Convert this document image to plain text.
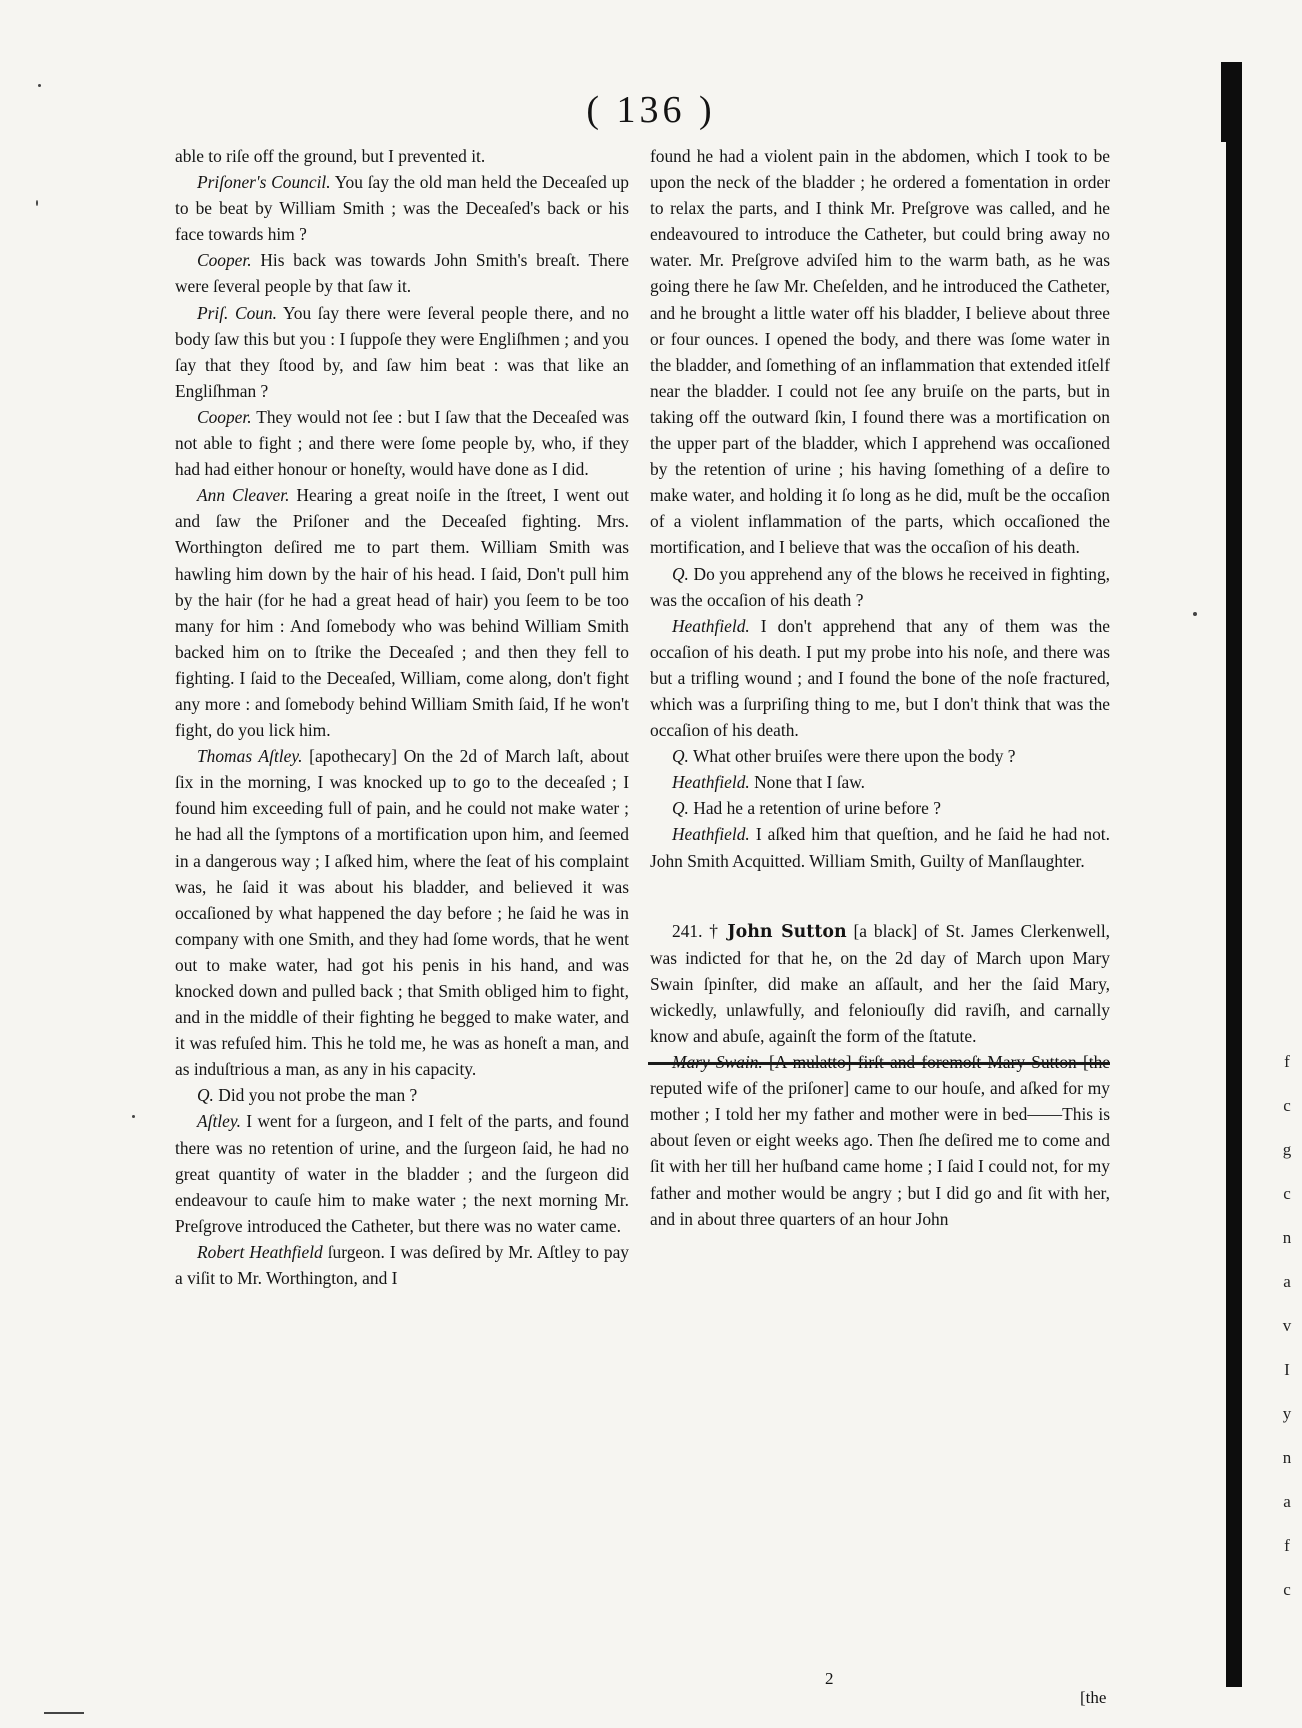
( 136 )

able to riſe off the ground, but I prevented it.

Priſoner's Council. You ſay the old man held the Deceaſed up to be beat by William Smith ; was the Deceaſed's back or his face towards him ?

Cooper. His back was towards John Smith's breaſt. There were ſeveral people by that ſaw it.

Priſ. Coun. You ſay there were ſeveral people there, and no body ſaw this but you : I ſuppoſe they were Engliſhmen ; and you ſay that they ſtood by, and ſaw him beat : was that like an Engliſhman ?

Cooper. They would not ſee : but I ſaw that the Deceaſed was not able to fight ; and there were ſome people by, who, if they had had either honour or honeſty, would have done as I did.

Ann Cleaver. Hearing a great noiſe in the ſtreet, I went out and ſaw the Priſoner and the Deceaſed fighting. Mrs. Worthington deſired me to part them. William Smith was hawling him down by the hair of his head. I ſaid, Don't pull him by the hair (for he had a great head of hair) you ſeem to be too many for him : And ſomebody who was behind William Smith backed him on to ſtrike the Deceaſed ; and then they fell to fighting. I ſaid to the Deceaſed, William, come along, don't fight any more : and ſomebody behind William Smith ſaid, If he won't fight, do you lick him.

Thomas Aſtley. [apothecary] On the 2d of March laſt, about ſix in the morning, I was knocked up to go to the deceaſed ; I found him exceeding full of pain, and he could not make water ; he had all the ſymptons of a mortification upon him, and ſeemed in a dangerous way ; I aſked him, where the ſeat of his complaint was, he ſaid it was about his bladder, and believed it was occaſioned by what happened the day before ; he ſaid he was in company with one Smith, and they had ſome words, that he went out to make water, had got his penis in his hand, and was knocked down and pulled back ; that Smith obliged him to fight, and in the middle of their fighting he begged to make water, and it was refuſed him. This he told me, he was as honeſt a man, and as induſtrious a man, as any in his capacity.

Q. Did you not probe the man ?

Aſtley. I went for a ſurgeon, and I felt of the parts, and found there was no retention of urine, and the ſurgeon ſaid, he had no great quantity of water in the bladder ; and the ſurgeon did endeavour to cauſe him to make water ; the next morning Mr. Preſgrove introduced the Catheter, but there was no water came.

Robert Heathfield ſurgeon. I was deſired by Mr. Aſtley to pay a viſit to Mr. Worthington, and I

found he had a violent pain in the abdomen, which I took to be upon the neck of the bladder ; he ordered a fomentation in order to relax the parts, and I think Mr. Preſgrove was called, and he endeavoured to introduce the Catheter, but could bring away no water. Mr. Preſgrove adviſed him to the warm bath, as he was going there he ſaw Mr. Cheſelden, and he introduced the Catheter, and he brought a little water off his bladder, I believe about three or four ounces. I opened the body, and there was ſome water in the bladder, and ſomething of an inflammation that extended itſelf near the bladder. I could not ſee any bruiſe on the parts, but in taking off the outward ſkin, I found there was a mortification on the upper part of the bladder, which I apprehend was occaſioned by the retention of urine ; his having ſomething of a deſire to make water, and holding it ſo long as he did, muſt be the occaſion of a violent inflammation of the parts, which occaſioned the mortification, and I believe that was the occaſion of his death.

Q. Do you apprehend any of the blows he received in fighting, was the occaſion of his death ?

Heathfield. I don't apprehend that any of them was the occaſion of his death. I put my probe into his noſe, and there was but a trifling wound ; and I found the bone of the noſe fractured, which was a ſurpriſing thing to me, but I don't think that was the occaſion of his death.

Q. What other bruiſes were there upon the body ?

Heathfield. None that I ſaw.

Q. Had he a retention of urine before ?

Heathfield. I aſked him that queſtion, and he ſaid he had not. John Smith Acquitted. William Smith, Guilty of Manſlaughter.

241. † John Sutton [a black] of St. James Clerkenwell, was indicted for that he, on the 2d day of March upon Mary Swain ſpinſter, did make an aſſault, and her the ſaid Mary, wickedly, unlawfully, and feloniouſly did raviſh, and carnally know and abuſe, againſt the form of the ſtatute.

Mary Swain. [A mulatto] firſt and foremoſt Mary Sutton [the reputed wife of the priſoner] came to our houſe, and aſked for my mother ; I told her my father and mother were in bed——This is about ſeven or eight weeks ago. Then ſhe deſired me to come and ſit with her till her huſband came home ; I ſaid I could not, for my father and mother would be angry ; but I did go and ſit with her, and in about three quarters of an hour John

2
[the
f
c
g
c
n
a
v
I
y
n
a
f
c
